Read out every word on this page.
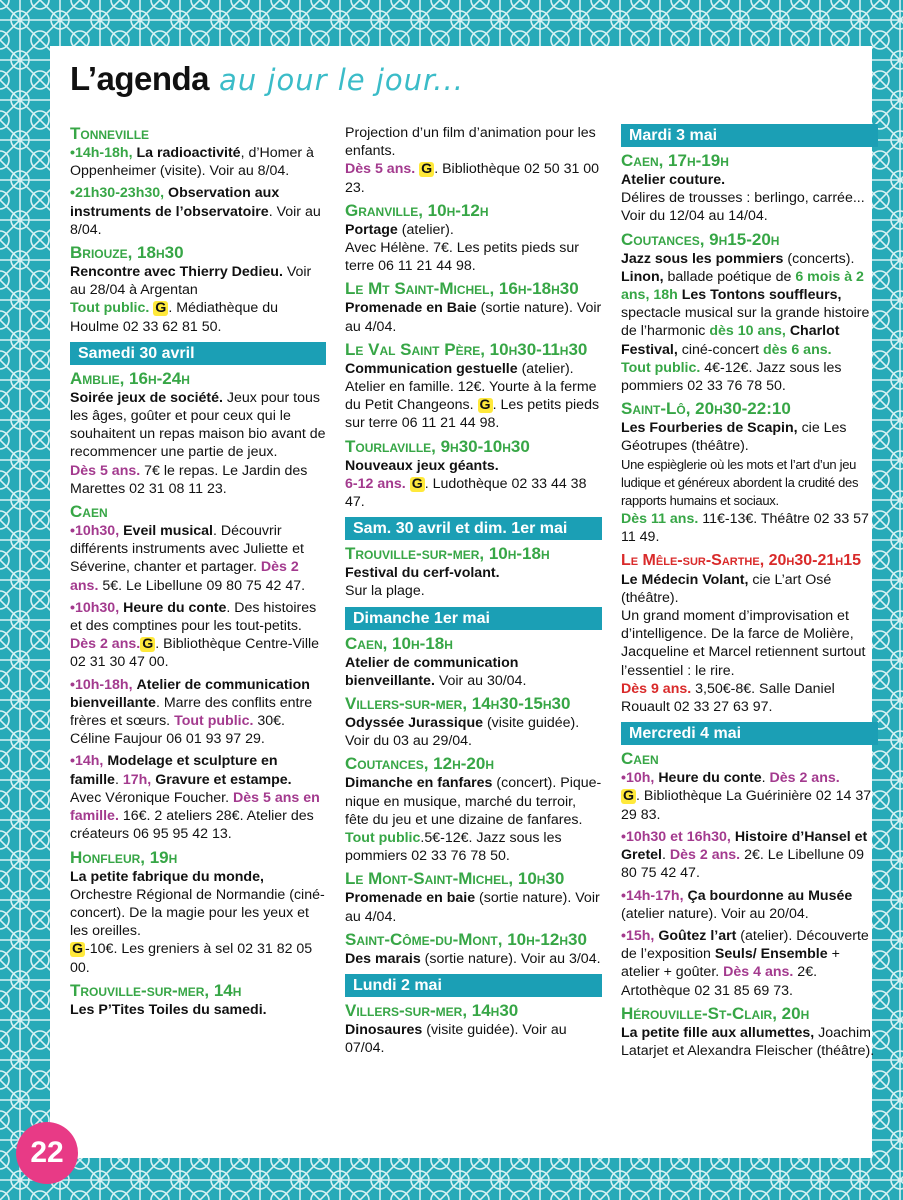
L’agenda au jour le jour...
Tonneville
•14h-18h, La radioactivité, d’Homer à Oppenheimer (visite). Voir au 8/04.
•21h30-23h30, Observation aux instruments de l’observatoire. Voir au 8/04.
Briouze, 18h30
Rencontre avec Thierry Dedieu. Voir au 28/04 à Argentan
Tout public. G . Médiathèque du Houlme 02 33 62 81 50.
Samedi 30 avril
Amblie, 16h-24h
Soirée jeux de société. Jeux pour tous les âges, goûter et pour ceux qui le souhaitent un repas maison bio avant de recommencer une partie de jeux.
Dès 5 ans. 7€ le repas. Le Jardin des Marettes 02 31 08 11 23.
Caen
•10h30, Eveil musical. Découvrir différents instruments avec Juliette et Séverine, chanter et partager. Dès 2 ans. 5€. Le Libellune 09 80 75 42 47.
•10h30, Heure du conte. Des histoires et des comptines pour les tout-petits. Dès 2 ans. G . Bibliothèque Centre-Ville 02 31 30 47 00.
•10h-18h, Atelier de communication bienveillante. Marre des conflits entre frères et sœurs. Tout public. 30€. Céline Faujour 06 01 93 97 29.
•14h, Modelage et sculpture en famille. 17h, Gravure et estampe. Avec Véronique Foucher. Dès 5 ans en famille. 16€. 2 ateliers 28€. Atelier des créateurs 06 95 95 42 13.
Honfleur, 19h
La petite fabrique du monde, Orchestre Régional de Normandie (ciné-concert). De la magie pour les yeux et les oreilles.
G -10€. Les greniers à sel 02 31 82 05 00.
Trouville-sur-mer, 14h
Les P’Tites Toiles du samedi.
Projection d’un film d’animation pour les enfants.
Dès 5 ans. G . Bibliothèque 02 50 31 00 23.
Granville, 10h-12h
Portage (atelier).
Avec Hélène. 7€. Les petits pieds sur terre 06 11 21 44 98.
Le Mt Saint-Michel, 16h-18h30
Promenade en Baie (sortie nature). Voir au 4/04.
Le Val Saint Père, 10h30-11h30
Communication gestuelle (atelier). Atelier en famille. 12€. Yourte à la ferme du Petit Changeons. G . Les petits pieds sur terre 06 11 21 44 98.
Tourlaville, 9h30-10h30
Nouveaux jeux géants.
6-12 ans. G . Ludothèque 02 33 44 38 47.
Sam. 30 avril et dim. 1er mai
Trouville-sur-mer, 10h-18h
Festival du cerf-volant.
Sur la plage.
Dimanche 1er mai
Caen, 10h-18h
Atelier de communication bienveillante. Voir au 30/04.
Villers-sur-mer, 14h30-15h30
Odyssée Jurassique (visite guidée). Voir du 03 au 29/04.
Coutances, 12h-20h
Dimanche en fanfares (concert). Pique-nique en musique, marché du terroir, fête du jeu et une dizaine de fanfares.
Tout public.5€-12€. Jazz sous les pommiers 02 33 76 78 50.
Le Mont-Saint-Michel, 10h30
Promenade en baie (sortie nature). Voir au 4/04.
Saint-Côme-du-Mont, 10h-12h30
Des marais (sortie nature). Voir au 3/04.
Lundi 2 mai
Villers-sur-mer, 14h30
Dinosaures (visite guidée). Voir au 07/04.
Mardi 3 mai
Caen, 17h-19h
Atelier couture.
Délires de trousses : berlingo, carrée... Voir du 12/04 au 14/04.
Coutances, 9h15-20h
Jazz sous les pommiers (concerts). Linon, ballade poétique de 6 mois à 2 ans, 18h Les Tontons souffleurs, spectacle musical sur la grande histoire de l’harmonic dès 10 ans, Charlot Festival, ciné-concert dès 6 ans.
Tout public. 4€-12€. Jazz sous les pommiers 02 33 76 78 50.
Saint-Lô, 20h30-22:10
Les Fourberies de Scapin, cie Les Géotrupes (théâtre).
Une espièglerie où les mots et l’art d’un jeu ludique et généreux abordent la crudité des rapports humains et sociaux.
Dès 11 ans. 11€-13€. Théâtre 02 33 57 11 49.
Le Mêle-sur-Sarthe, 20h30-21h15
Le Médecin Volant, cie L’art Osé (théâtre).
Un grand moment d’improvisation et d’intelligence. De la farce de Molière, Jacqueline et Marcel retiennent surtout l’essentiel : le rire.
Dès 9 ans. 3,50€-8€. Salle Daniel Rouault 02 33 27 63 97.
Mercredi 4 mai
Caen
•10h, Heure du conte. Dès 2 ans.
G . Bibliothèque La Guérinière 02 14 37 29 83.
•10h30 et 16h30, Histoire d’Hansel et Gretel. Dès 2 ans. 2€. Le Libellune 09 80 75 42 47.
•14h-17h, Ça bourdonne au Musée (atelier nature). Voir au 20/04.
•15h, Goûtez l’art (atelier). Découverte de l’exposition Seuls/ Ensemble + atelier + goûter. Dès 4 ans. 2€. Artothèque 02 31 85 69 73.
Hérouville-St-Clair, 20h
La petite fille aux allumettes, Joachim Latarjet et Alexandra Fleischer (théâtre).
22
